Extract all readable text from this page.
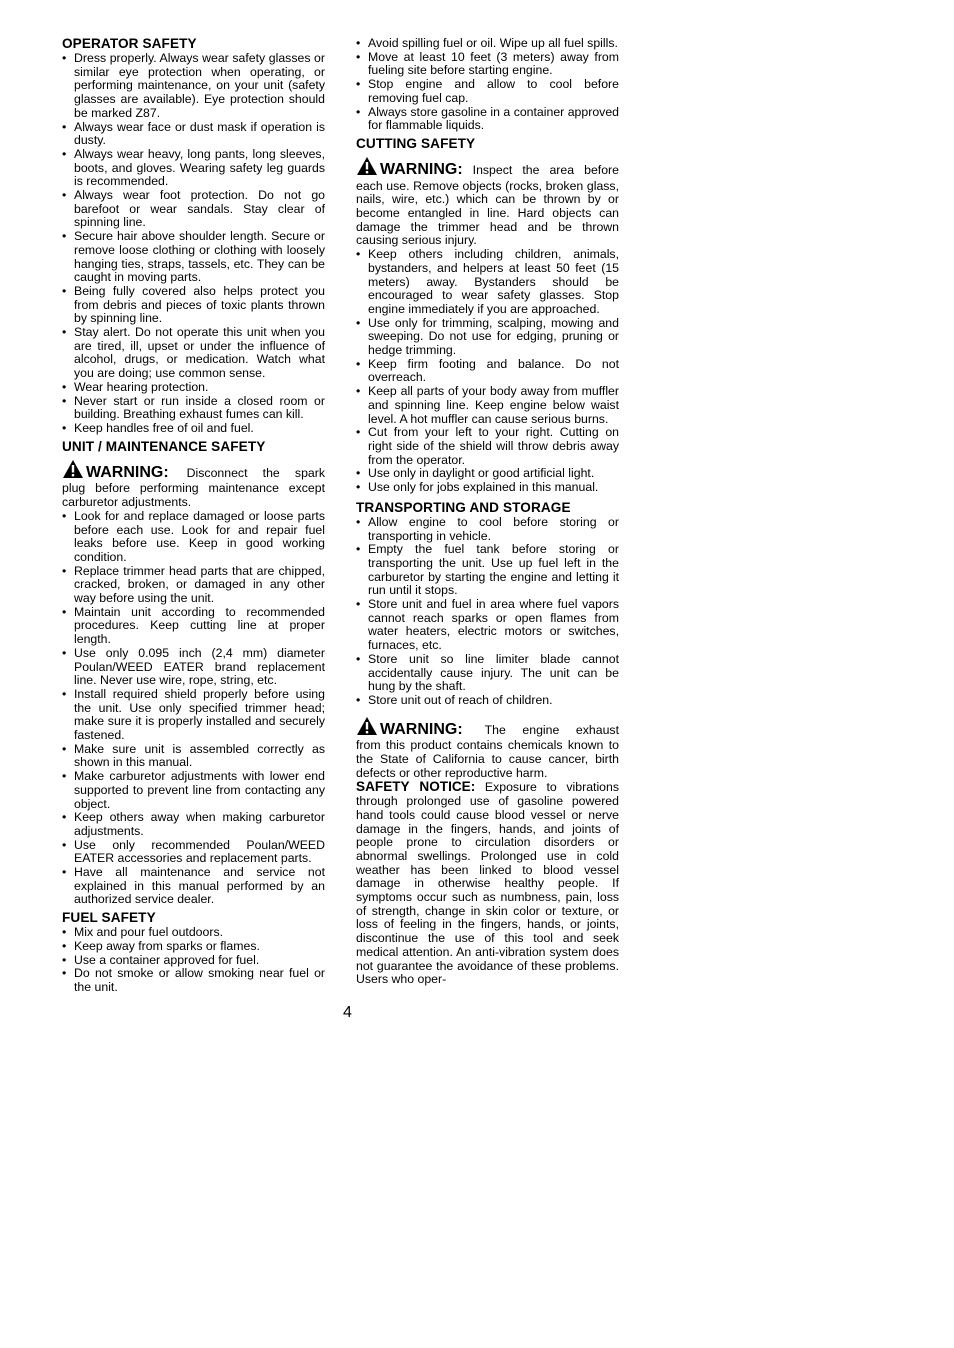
OPERATOR SAFETY
• Dress properly. Always wear safety glasses or similar eye protection when operating, or performing maintenance, on your unit (safety glasses are available). Eye protection should be marked Z87.
• Always wear face or dust mask if operation is dusty.
• Always wear heavy, long pants, long sleeves, boots, and gloves. Wearing safety leg guards is recommended.
• Always wear foot protection. Do not go barefoot or wear sandals. Stay clear of spinning line.
• Secure hair above shoulder length. Secure or remove loose clothing or clothing with loosely hanging ties, straps, tassels, etc. They can be caught in moving parts.
• Being fully covered also helps protect you from debris and pieces of toxic plants thrown by spinning line.
• Stay alert. Do not operate this unit when you are tired, ill, upset or under the influence of alcohol, drugs, or medication. Watch what you are doing; use common sense.
• Wear hearing protection.
• Never start or run inside a closed room or building. Breathing exhaust fumes can kill.
• Keep handles free of oil and fuel.
UNIT / MAINTENANCE SAFETY

WARNING: Disconnect the spark plug before performing maintenance except carburetor adjustments.

• Look for and replace damaged or loose parts before each use. Look for and repair fuel leaks before use. Keep in good working condition.
• Replace trimmer head parts that are chipped, cracked, broken, or damaged in any other way before using the unit.
• Maintain unit according to recommended procedures. Keep cutting line at proper length.
• Use only 0.095 inch (2,4 mm) diameter Poulan/WEED EATER brand replacement line. Never use wire, rope, string, etc.
• Install required shield properly before using the unit. Use only specified trimmer head; make sure it is properly installed and securely fastened.
• Make sure unit is assembled correctly as shown in this manual.
• Make carburetor adjustments with lower end supported to prevent line from contacting any object.
• Keep others away when making carburetor adjustments.
• Use only recommended Poulan/WEED EATER accessories and replacement parts.
• Have all maintenance and service not explained in this manual performed by an authorized service dealer.
FUEL SAFETY
• Mix and pour fuel outdoors.
• Keep away from sparks or flames.
• Use a container approved for fuel.
• Do not smoke or allow smoking near fuel or the unit.
• Avoid spilling fuel or oil. Wipe up all fuel spills.
• Move at least 10 feet (3 meters) away from fueling site before starting engine.
• Stop engine and allow to cool before removing fuel cap.
• Always store gasoline in a container approved for flammable liquids.
CUTTING SAFETY

WARNING: Inspect the area before each use. Remove objects (rocks, broken glass, nails, wire, etc.) which can be thrown by or become entangled in line. Hard objects can damage the trimmer head and be thrown causing serious injury.

• Keep others including children, animals, bystanders, and helpers at least 50 feet (15 meters) away. Bystanders should be encouraged to wear safety glasses. Stop engine immediately if you are approached.
• Use only for trimming, scalping, mowing and sweeping. Do not use for edging, pruning or hedge trimming.
• Keep firm footing and balance. Do not overreach.
• Keep all parts of your body away from muffler and spinning line. Keep engine below waist level. A hot muffler can cause serious burns.
• Cut from your left to your right. Cutting on right side of the shield will throw debris away from the operator.
• Use only in daylight or good artificial light.
• Use only for jobs explained in this manual.
TRANSPORTING AND STORAGE
• Allow engine to cool before storing or transporting in vehicle.
• Empty the fuel tank before storing or transporting the unit. Use up fuel left in the carburetor by starting the engine and letting it run until it stops.
• Store unit and fuel in area where fuel vapors cannot reach sparks or open flames from water heaters, electric motors or switches, furnaces, etc.
• Store unit so line limiter blade cannot accidentally cause injury. The unit can be hung by the shaft.
• Store unit out of reach of children.

WARNING: The engine exhaust from this product contains chemicals known to the State of California to cause cancer, birth defects or other reproductive harm.

SAFETY NOTICE: Exposure to vibrations through prolonged use of gasoline powered hand tools could cause blood vessel or nerve damage in the fingers, hands, and joints of people prone to circulation disorders or abnormal swellings. Prolonged use in cold weather has been linked to blood vessel damage in otherwise healthy people. If symptoms occur such as numbness, pain, loss of strength, change in skin color or texture, or loss of feeling in the fingers, hands, or joints, discontinue the use of this tool and seek medical attention. An anti-vibration system does not guarantee the avoidance of these problems. Users who oper-

4
